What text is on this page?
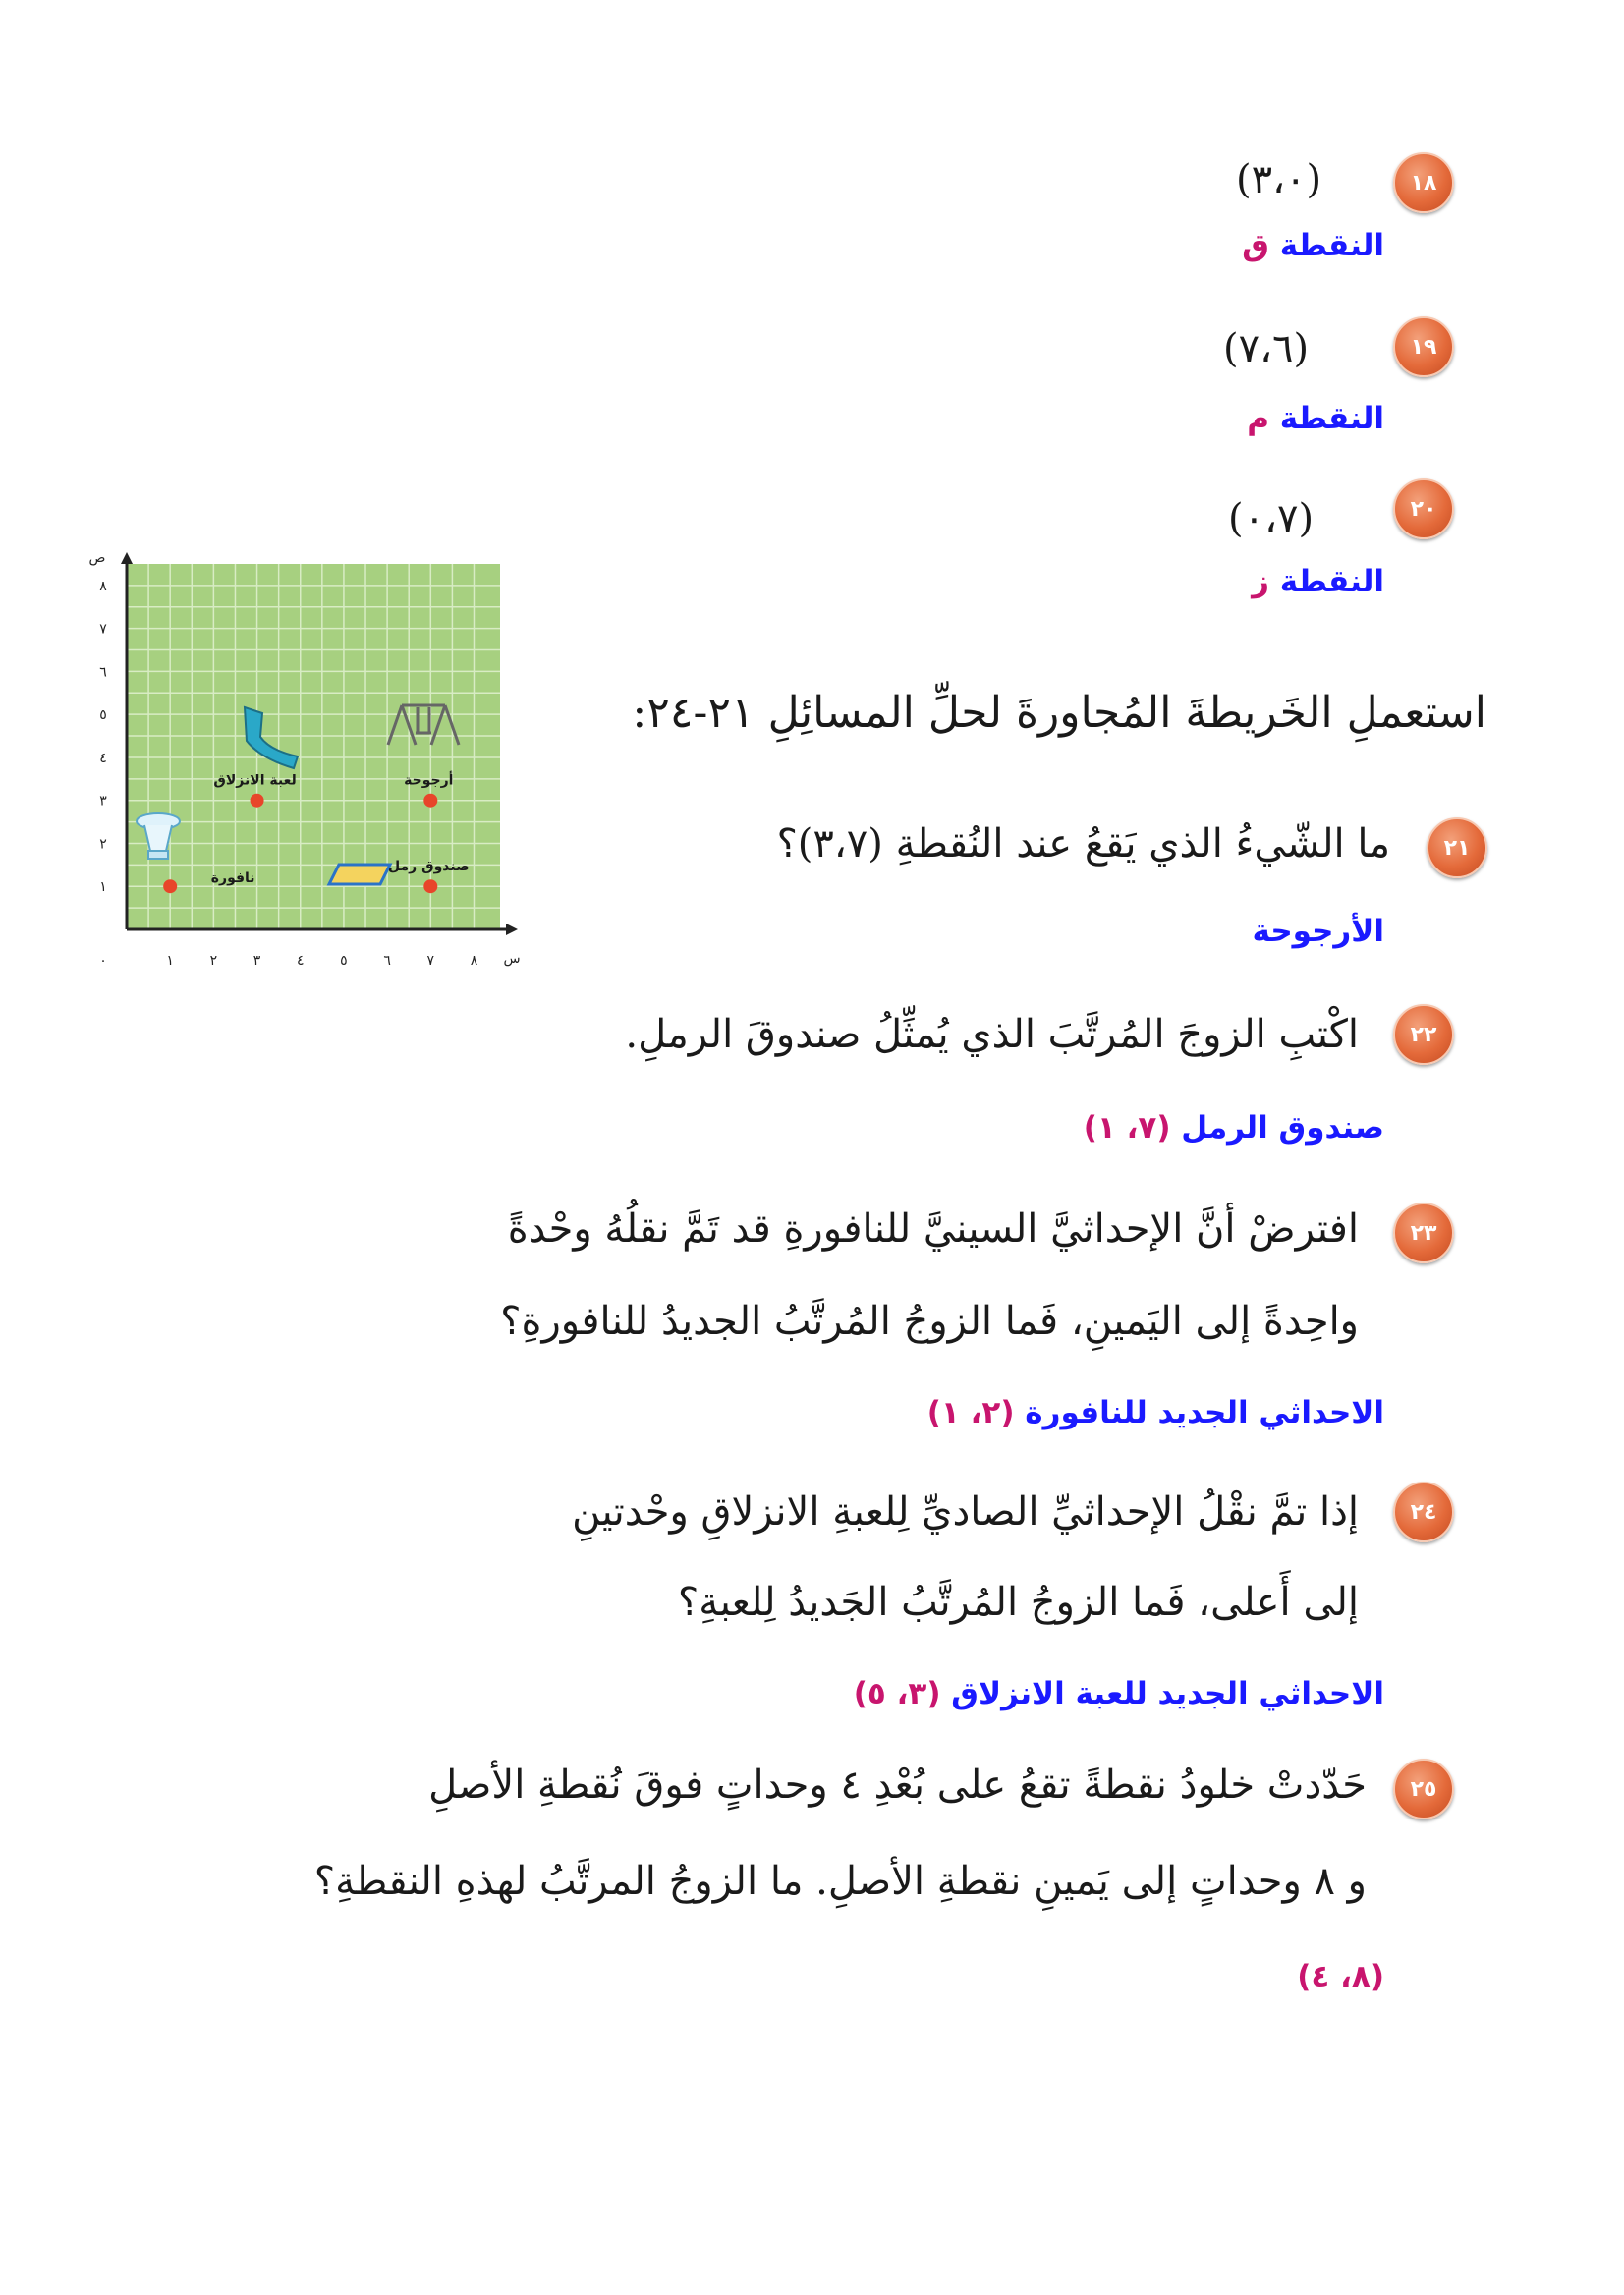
١٨
(٣،٠)
النقطة ق
١٩
(٧،٦)
النقطة م
٢٠
(٠،٧)
النقطة ز
١	٢	٣	٤	٥	٦	٧	٨
١
٢
٣
٤
٥
٦
٧
٨
٠	س
ص
أرجوحة
لعبة الانزلاق
صندوق رمل
نافورة
استعملِ الخَريطةَ المُجاورةَ لحلِّ المسائِلِ ٢١-٢٤:
٢١
ما الشّيءُ الذي يَقعُ عند النُقطةِ (٣،٧)؟
الأرجوحة
٢٢
اكْتبِ الزوجَ المُرتَّبَ الذي يُمثِّلُ صندوقَ الرملِ.
صندوق الرمل (٧، ١)
٢٣
افترضْ أنَّ الإحداثيَّ السينيَّ للنافورةِ قد تَمَّ نقلُهُ وحْدةً
واحِدةً إلى اليَمينِ، فَما الزوجُ المُرتَّبُ الجديدُ للنافورةِ؟
الاحداثي الجديد للنافورة (٢، ١)
٢٤
إذا تمَّ نقْلُ الإحداثيِّ الصاديِّ لِلعبةِ الانزلاقِ وحْدتينِ
إلى أَعلى، فَما الزوجُ المُرتَّبُ الجَديدُ لِلعبةِ؟
الاحداثي الجديد للعبة الانزلاق (٣، ٥)
٢٥
حَدّدتْ خلودُ نقطةً تقعُ على بُعْدِ ٤ وحداتٍ فوقَ نُقطةِ الأصلِ
و ٨ وحداتٍ إلى يَمينِ نقطةِ الأصلِ. ما الزوجُ المرتَّبُ لهذهِ النقطةِ؟
(٨، ٤)
